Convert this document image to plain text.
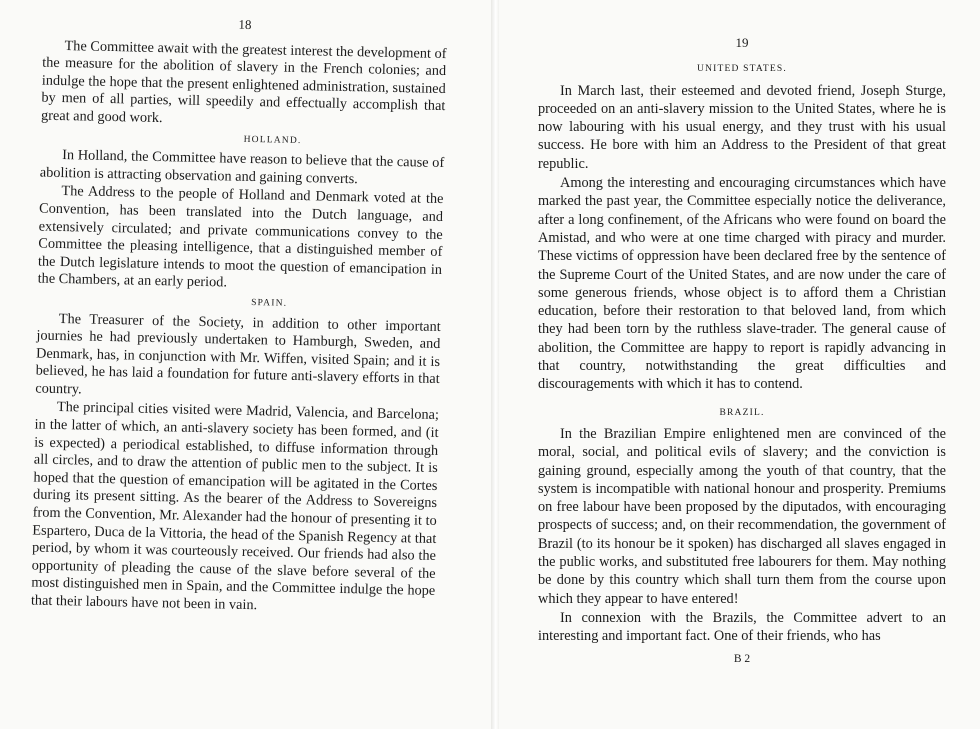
18

The Committee await with the greatest interest the development of the measure for the abolition of slavery in the French colonies; and indulge the hope that the present enlightened administration, sustained by men of all parties, will speedily and effectually accomplish that great and good work.

HOLLAND.

In Holland, the Committee have reason to believe that the cause of abolition is attracting observation and gaining converts.

The Address to the people of Holland and Denmark voted at the Convention, has been translated into the Dutch language, and extensively circulated; and private communications convey to the Committee the pleasing intelligence, that a distinguished member of the Dutch legislature intends to moot the question of emancipation in the Chambers, at an early period.

SPAIN.

The Treasurer of the Society, in addition to other important journies he had previously undertaken to Hamburgh, Sweden, and Denmark, has, in conjunction with Mr. Wiffen, visited Spain; and it is believed, he has laid a foundation for future anti-slavery efforts in that country.

The principal cities visited were Madrid, Valencia, and Barcelona; in the latter of which, an anti-slavery society has been formed, and (it is expected) a periodical established, to diffuse information through all circles, and to draw the attention of public men to the subject. It is hoped that the question of emancipation will be agitated in the Cortes during its present sitting. As the bearer of the Address to Sovereigns from the Convention, Mr. Alexander had the honour of presenting it to Espartero, Duca de la Vittoria, the head of the Spanish Regency at that period, by whom it was courteously received. Our friends had also the opportunity of pleading the cause of the slave before several of the most distinguished men in Spain, and the Committee indulge the hope that their labours have not been in vain.

19
UNITED STATES.

In March last, their esteemed and devoted friend, Joseph Sturge, proceeded on an anti-slavery mission to the United States, where he is now labouring with his usual energy, and they trust with his usual success. He bore with him an Address to the President of that great republic.

Among the interesting and encouraging circumstances which have marked the past year, the Committee especially notice the deliverance, after a long confinement, of the Africans who were found on board the Amistad, and who were at one time charged with piracy and murder. These victims of oppression have been declared free by the sentence of the Supreme Court of the United States, and are now under the care of some generous friends, whose object is to afford them a Christian education, before their restoration to that beloved land, from which they had been torn by the ruthless slave-trader. The general cause of abolition, the Committee are happy to report is rapidly advancing in that country, notwithstanding the great difficulties and discouragements with which it has to contend.

BRAZIL.

In the Brazilian Empire enlightened men are convinced of the moral, social, and political evils of slavery; and the conviction is gaining ground, especially among the youth of that country, that the system is incompatible with national honour and prosperity. Premiums on free labour have been proposed by the diputados, with encouraging prospects of success; and, on their recommendation, the government of Brazil (to its honour be it spoken) has discharged all slaves engaged in the public works, and substituted free labourers for them. May nothing be done by this country which shall turn them from the course upon which they appear to have entered!

In connexion with the Brazils, the Committee advert to an interesting and important fact. One of their friends, who has

B 2
